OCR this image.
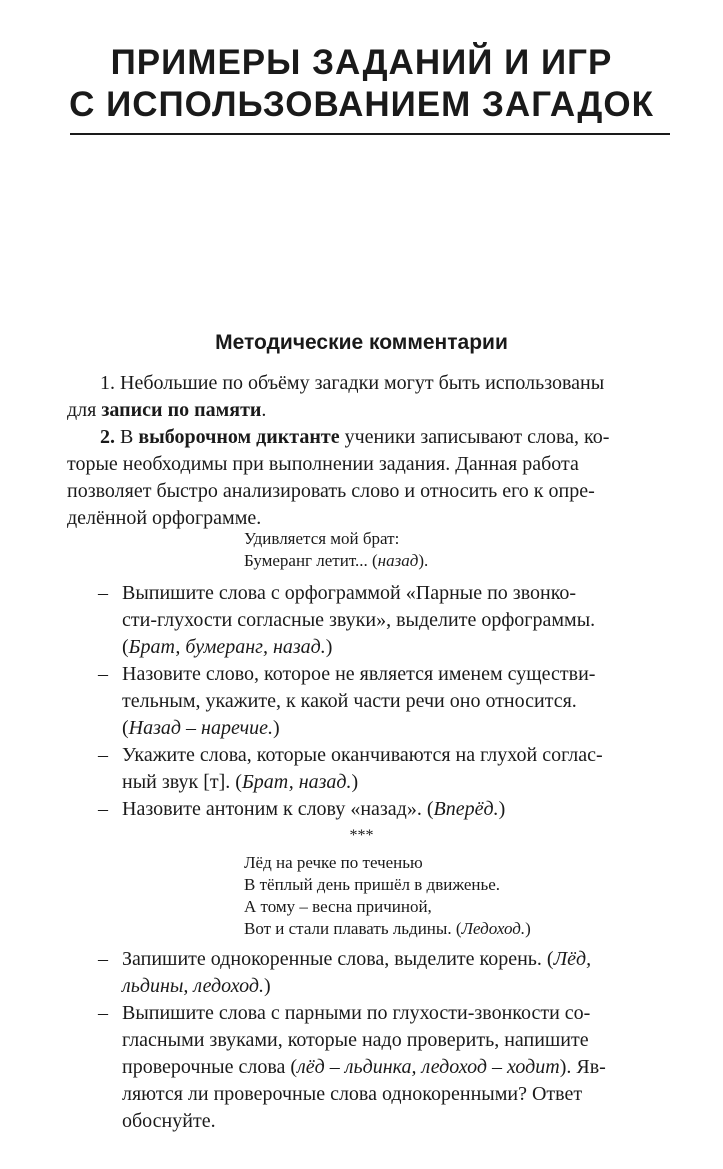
ПРИМЕРЫ ЗАДАНИЙ И ИГР
С ИСПОЛЬЗОВАНИЕМ ЗАГАДОК
Методические комментарии
1. Небольшие по объёму загадки могут быть использованы
для записи по памяти.
2. В выборочном диктанте ученики записывают слова, ко-
торые необходимы при выполнении задания. Данная работа
позволяет быстро анализировать слово и относить его к опре-
делённой орфограмме.
Удивляется мой брат:
Бумеранг летит... (назад).
– Выпишите слова с орфограммой «Парные по звонко-
сти-глухости согласные звуки», выделите орфограммы.
(Брат, бумеранг, назад.)
– Назовите слово, которое не является именем существи-
тельным, укажите, к какой части речи оно относится.
(Назад – наречие.)
– Укажите слова, которые оканчиваются на глухой соглас-
ный звук [т]. (Брат, назад.)
– Назовите антоним к слову «назад». (Вперёд.)
***
Лёд на речке по теченью
В тёплый день пришёл в движенье.
А тому – весна причиной,
Вот и стали плавать льдины. (Ледоход.)
– Запишите однокоренные слова, выделите корень. (Лёд,
льдины, ледоход.)
– Выпишите слова с парными по глухости-звонкости со-
гласными звуками, которые надо проверить, напишите
проверочные слова (лёд – льдинка, ледоход – ходит). Яв-
ляются ли проверочные слова однокоренными? Ответ
обоснуйте.
